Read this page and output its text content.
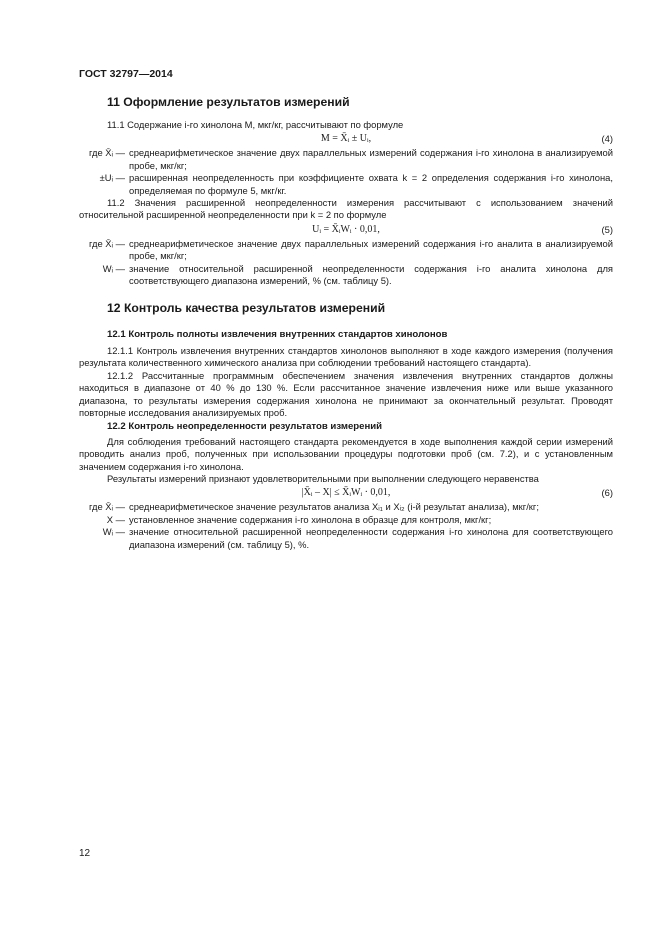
ГОСТ 32797—2014
11 Оформление результатов измерений

11.1 Содержание i-го хинолона M, мкг/кг, рассчитывают по формуле

M = X̄ᵢ ± Uᵢ,	(4)
где X̄ᵢ — среднеарифметическое значение двух параллельных измерений содержания i-го хинолона в анализируемой пробе, мкг/кг;
±Uᵢ — расширенная неопределенность при коэффициенте охвата k = 2 определения содержания i-го хинолона, определяемая по формуле 5, мкг/кг.

11.2 Значения расширенной неопределенности измерения рассчитывают с использованием значений относительной расширенной неопределенности при k = 2 по формуле

Uᵢ = X̄ᵢWᵢ · 0,01,	(5)
где X̄ᵢ — среднеарифметическое значение двух параллельных измерений содержания i-го аналита в анализируемой пробе, мкг/кг;
Wᵢ — значение относительной расширенной неопределенности содержания i-го аналита хинолона для соответствующего диапазона измерений, % (см. таблицу 5).
12 Контроль качества результатов измерений
12.1 Контроль полноты извлечения внутренних стандартов хинолонов

12.1.1 Контроль извлечения внутренних стандартов хинолонов выполняют в ходе каждого измерения (получения результата количественного химического анализа при соблюдении требований настоящего стандарта).

12.1.2 Рассчитанные программным обеспечением значения извлечения внутренних стандартов должны находиться в диапазоне от 40 % до 130 %. Если рассчитанное значение извлечения ниже или выше указанного диапазона, то результаты измерения содержания хинолона не принимают за окончательный результат. Проводят повторные исследования анализируемых проб.

12.2 Контроль неопределенности результатов измерений

Для соблюдения требований настоящего стандарта рекомендуется в ходе выполнения каждой серии измерений проводить анализ проб, полученных при использовании процедуры подготовки проб (см. 7.2), и с установленным значением содержания i-го хинолона.

Результаты измерений признают удовлетворительными при выполнении следующего неравенства

|X̄ᵢ – X| ≤ X̄ᵢWᵢ · 0,01,	(6)
где X̄ᵢ — среднеарифметическое значение результатов анализа Xᵢ₁ и Xᵢ₂ (i-й результат анализа), мкг/кг;
X — установленное значение содержания i-го хинолона в образце для контроля, мкг/кг;
Wᵢ — значение относительной расширенной неопределенности содержания i-го хинолона для соответствующего диапазона измерений (см. таблицу 5), %.
12
